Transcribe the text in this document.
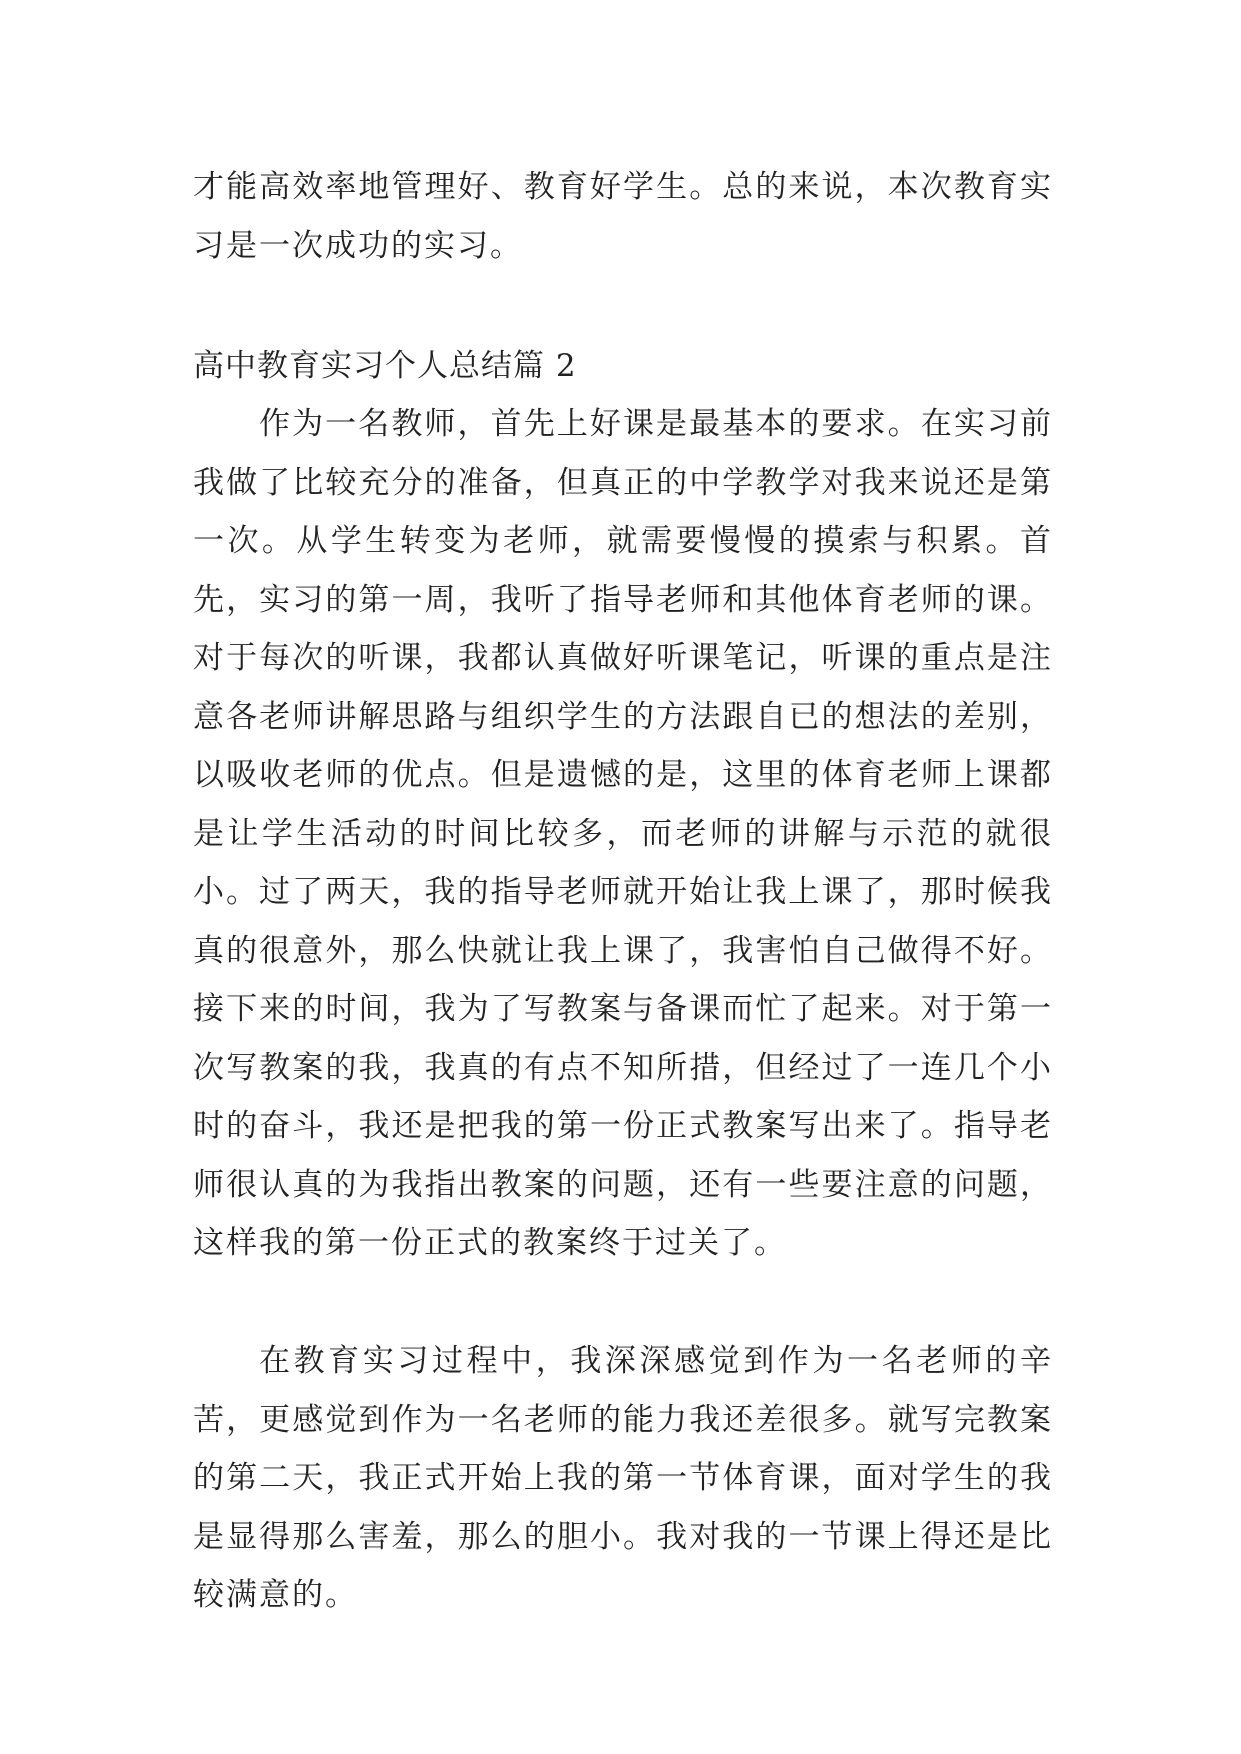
才能高效率地管理好、教育好学生。总的来说，本次教育实习是一次成功的实习。

高中教育实习个人总结篇 2

作为一名教师，首先上好课是最基本的要求。在实习前我做了比较充分的准备，但真正的中学教学对我来说还是第一次。从学生转变为老师，就需要慢慢的摸索与积累。首先，实习的第一周，我听了指导老师和其他体育老师的课。对于每次的听课，我都认真做好听课笔记，听课的重点是注意各老师讲解思路与组织学生的方法跟自已的想法的差别，以吸收老师的优点。但是遗憾的是，这里的体育老师上课都是让学生活动的时间比较多，而老师的讲解与示范的就很小。 过了两天，我的指导老师就开始让我上课了，那时候我真的很意外，那么快就让我上课了，我害怕自己做得不好。接下来的时间，我为了写教案与备课而忙了起来。对于第一次写教案的我，我真的有点不知所措，但经过了一连几个小时的奋斗，我还是把我的第一份正式教案写出来了。指导老师很认真的为我指出教案的问题，还有一些要注意的问题，这样我的第一份正式的教案终于过关了。

在教育实习过程中，我深深感觉到作为一名老师的辛苦，更感觉到作为一名老师的能力我还差很多。就写完教案的第二天，我正式开始上我的第一节体育课，面对学生的我是显得那么害羞，那么的胆小。我对我的一节课上得还是比较满意的。
